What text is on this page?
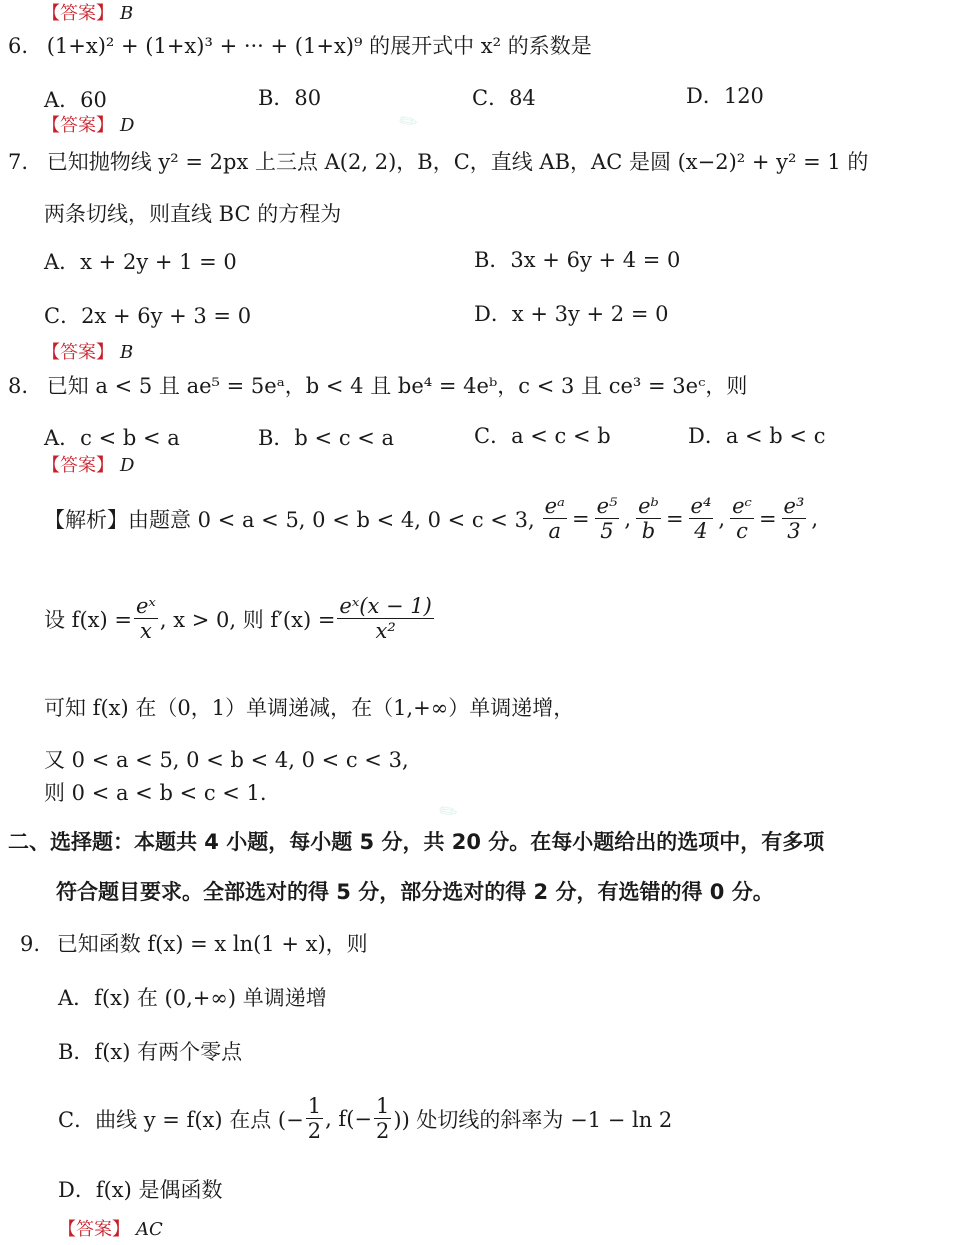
✎
✎
【答案】 B
6. (1+x)² + (1+x)³ + ··· + (1+x)⁹ 的展开式中 x² 的系数是
A．60	B．80	C．84	D．120
【答案】 D
7. 已知抛物线 y² = 2px 上三点 A(2, 2)，B，C，直线 AB，AC 是圆 (x−2)² + y² = 1 的
两条切线，则直线 BC 的方程为
A．x + 2y + 1 = 0	B．3x + 6y + 4 = 0
C．2x + 6y + 3 = 0	D．x + 3y + 2 = 0
【答案】 B
8. 已知 a < 5 且 ae⁵ = 5eᵃ，b < 4 且 be⁴ = 4eᵇ，c < 3 且 ce³ = 3eᶜ，则
A．c < b < a	B．b < c < a	C．a < c < b	D．a < b < c
【答案】 D
【解析】由题意 0 < a < 5, 0 < b < 4, 0 < c < 3, $\frac{\text{eᵃ}}{a} = \frac{\text{e⁵}}{5}$ , $\frac{\text{eᵇ}}{b} = \frac{\text{e⁴}}{4}$ , $\frac{\text{eᶜ}}{c} = \frac{\text{e³}}{3}$ ,
设 $f(x) = \frac{\text{eˣ}}{x}$ , x > 0, 则 $f'(x) = \frac{\text{eˣ(x − 1)}}{\text{x²}}$
可知 f(x) 在（0，1）单调递减，在（1,+∞）单调递增，
又 0 < a < 5, 0 < b < 4, 0 < c < 3,
则 0 < a < b < c < 1.
二、选择题：本题共 4 小题，每小题 5 分，共 20 分。在每小题给出的选项中，有多项
符合题目要求。全部选对的得 5 分，部分选对的得 2 分，有选错的得 0 分。
9. 已知函数 f(x) = x ln(1 + x)，则
A．f(x) 在 (0,+∞) 单调递增
B．f(x) 有两个零点
C．曲线 y = f(x) 在点 (− $\frac{1}{2}$ , $f(- \frac{1}{2}$ )) 处切线的斜率为 −1 − ln 2
D．f(x) 是偶函数
【答案】 AC
